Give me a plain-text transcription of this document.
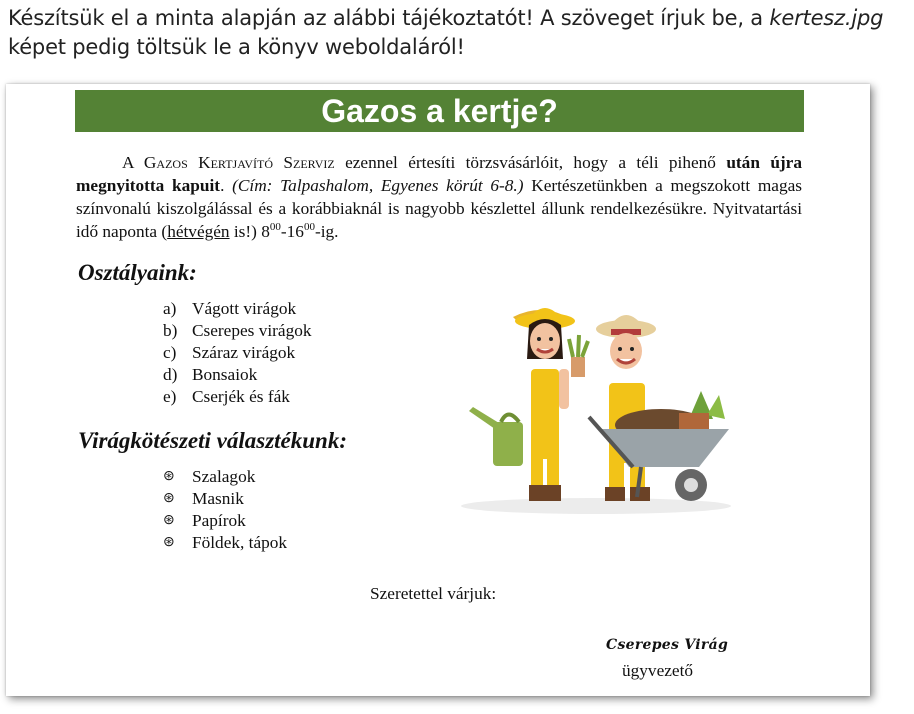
Készítsük el a minta alapján az alábbi tájékoztatót! A szöveget írjuk be, a kertesz.jpg képet pedig töltsük le a könyv weboldaláról!
Gazos a kertje?
A Gazos Kertjavító Szerviz ezennel értesíti törzsvásárlóit, hogy a téli pihenő után újra megnyitotta kapuit. (Cím: Talpashalom, Egyenes körút 6-8.) Kertészetünkben a megszokott magas színvonalú kiszolgálással és a korábbiaknál is nagyobb készlettel állunk rendelkezésükre. Nyitvatartási idő naponta (hétvégén is!) $8^{00}-16^{00}-ig$.
Osztályaink:
a) Vágott virágok
b) Cserepes virágok
c) Száraz virágok
d) Bonsaiok
e) Cserjék és fák
Virágkötészeti választékunk:
⊛ Szalagok
⊛ Masnik
⊛ Papírok
⊛ Földek, tápok
Szeretettel várjuk:
Cserepes Virág
ügyvezető
